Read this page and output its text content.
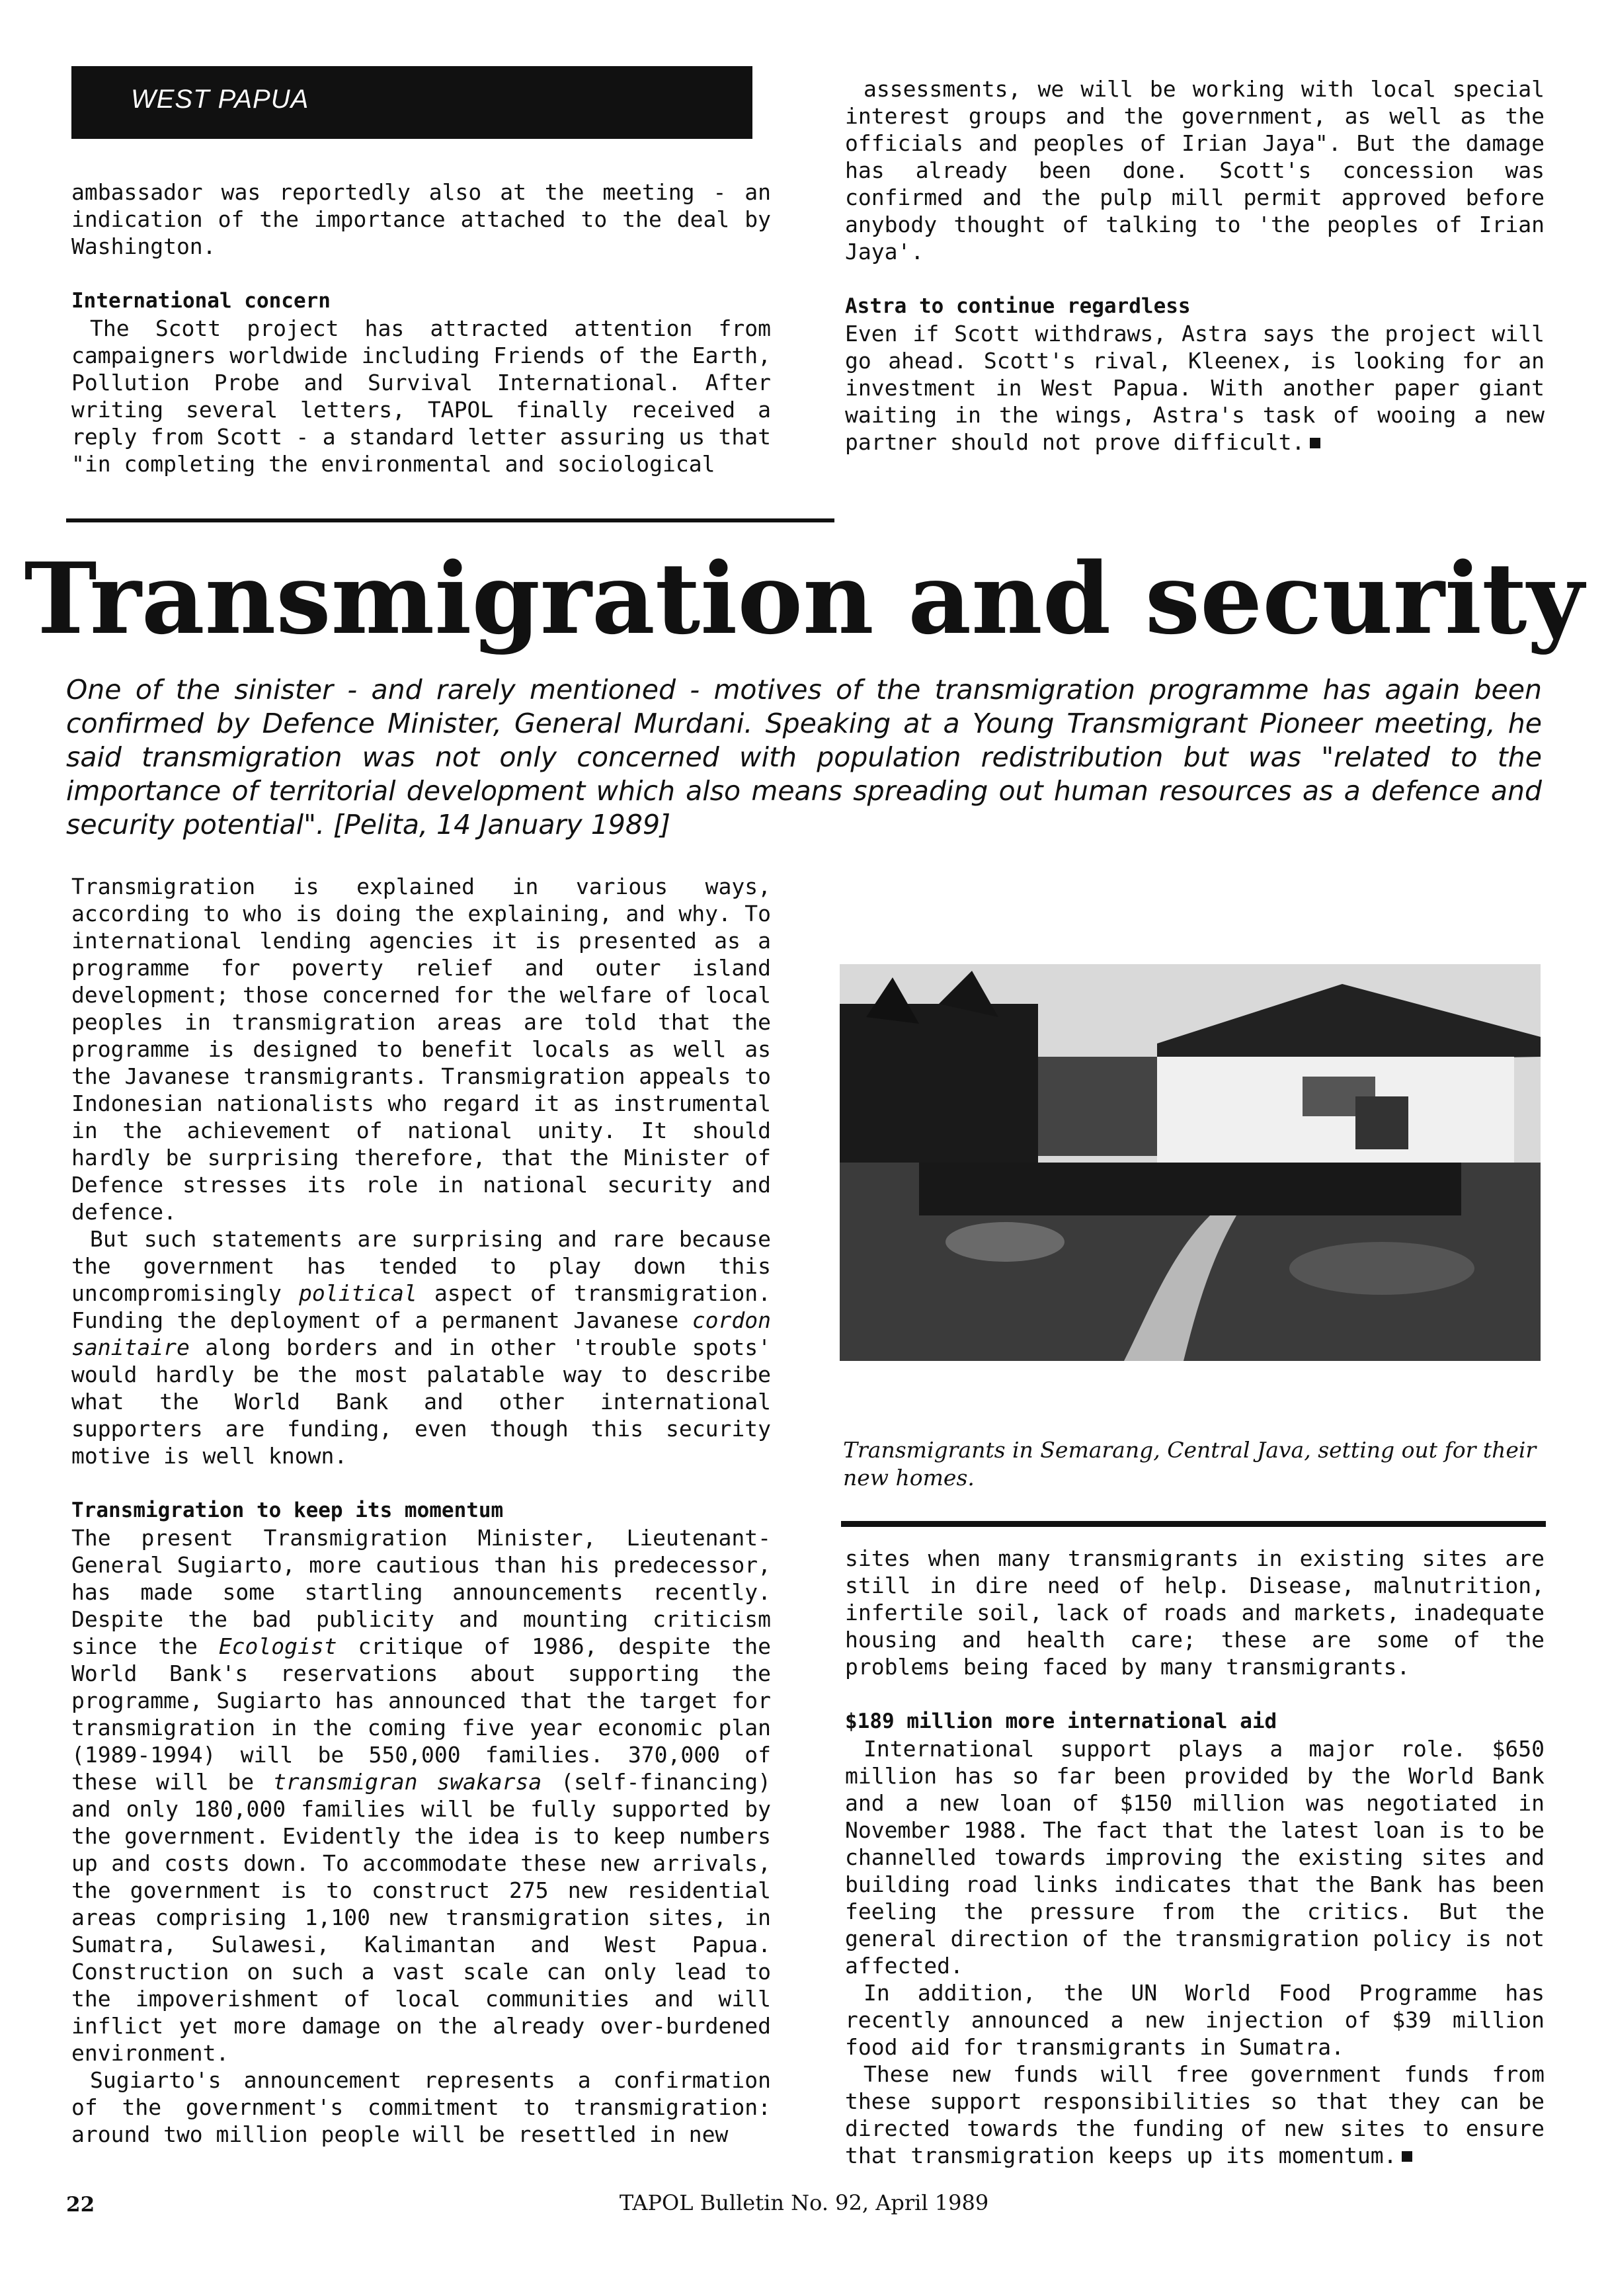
WEST PAPUA

ambassador was reportedly also at the meeting - an indication of the importance attached to the deal by Washington.

International concern

The Scott project has attracted attention from campaigners worldwide including Friends of the Earth, Pollution Probe and Survival International. After writing several letters, TAPOL finally received a reply from Scott - a standard letter assuring us that "in completing the environmental and sociological

assessments, we will be working with local special interest groups and the government, as well as the officials and peoples of Irian Jaya". But the damage has already been done. Scott's concession was confirmed and the pulp mill permit approved before anybody thought of talking to 'the peoples of Irian Jaya'.

Astra to continue regardless

Even if Scott withdraws, Astra says the project will go ahead. Scott's rival, Kleenex, is looking for an investment in West Papua. With another paper giant waiting in the wings, Astra's task of wooing a new partner should not prove difficult.

Transmigration and security

One of the sinister - and rarely mentioned - motives of the transmigration programme has again been confirmed by Defence Minister, General Murdani. Speaking at a Young Transmigrant Pioneer meeting, he said transmigration was not only concerned with population redistribution but was "related to the importance of territorial development which also means spreading out human resources as a defence and security potential". [Pelita, 14 January 1989]

Transmigration is explained in various ways, according to who is doing the explaining, and why. To international lending agencies it is presented as a programme for poverty relief and outer island development; those concerned for the welfare of local peoples in transmigration areas are told that the programme is designed to benefit locals as well as the Javanese transmigrants. Transmigration appeals to Indonesian nationalists who regard it as instrumental in the achievement of national unity. It should hardly be surprising therefore, that the Minister of Defence stresses its role in national security and defence.

But such statements are surprising and rare because the government has tended to play down this uncompromisingly political aspect of transmigration. Funding the deployment of a permanent Javanese cordon sanitaire along borders and in other 'trouble spots' would hardly be the most palatable way to describe what the World Bank and other international supporters are funding, even though this security motive is well known.

Transmigration to keep its momentum

The present Transmigration Minister, Lieutenant-General Sugiarto, more cautious than his predecessor, has made some startling announcements recently. Despite the bad publicity and mounting criticism since the Ecologist critique of 1986, despite the World Bank's reservations about supporting the programme, Sugiarto has announced that the target for transmigration in the coming five year economic plan (1989-1994) will be 550,000 families. 370,000 of these will be transmigran swakarsa (self-financing) and only 180,000 families will be fully supported by the government. Evidently the idea is to keep numbers up and costs down. To accommodate these new arrivals, the government is to construct 275 new residential areas comprising 1,100 new transmigration sites, in Sumatra, Sulawesi, Kalimantan and West Papua. Construction on such a vast scale can only lead to the impoverishment of local communities and will inflict yet more damage on the already over-burdened environment.

Sugiarto's announcement represents a confirmation of the government's commitment to transmigration: around two million people will be resettled in new

Transmigrants in Semarang, Central Java, setting out for their new homes.

sites when many transmigrants in existing sites are still in dire need of help. Disease, malnutrition, infertile soil, lack of roads and markets, inadequate housing and health care; these are some of the problems being faced by many transmigrants.

$189 million more international aid

International support plays a major role. $650 million has so far been provided by the World Bank and a new loan of $150 million was negotiated in November 1988. The fact that the latest loan is to be channelled towards improving the existing sites and building road links indicates that the Bank has been feeling the pressure from the critics. But the general direction of the transmigration policy is not affected.

In addition, the UN World Food Programme has recently announced a new injection of $39 million food aid for transmigrants in Sumatra.

These new funds will free government funds from these support responsibilities so that they can be directed towards the funding of new sites to ensure that transmigration keeps up its momentum.

22	TAPOL Bulletin No. 92, April 1989
